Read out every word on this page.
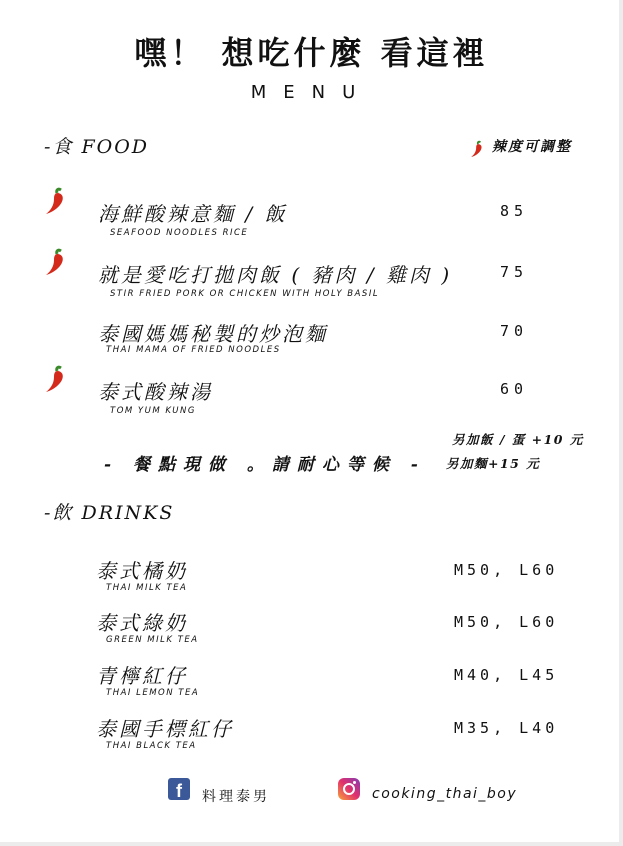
嘿！ 想吃什麼 看這裡
MENU
-食 FOOD	辣度可調整
海鮮酸辣意麵 / 飯
SEAFOOD NOODLES RICE
85
就是愛吃打拋肉飯 ( 豬肉 / 雞肉 )
STIR FRIED PORK OR CHICKEN WITH HOLY BASIL
75
泰國媽媽秘製的炒泡麵
THAI MAMA OF FRIED NOODLES
70
泰式酸辣湯
TOM YUM KUNG
60
- 餐點現做 。請耐心等候 -
另加飯 / 蛋 +10 元
另加麵+15 元
-飲 DRINKS
泰式橘奶
THAI MILK TEA
M50, L60
泰式綠奶
GREEN MILK TEA
M50, L60
青檸紅仔
THAI LEMON TEA
M40, L45
泰國手標紅仔
THAI BLACK TEA
M35, L40
f	料理泰男	cooking_thai_boy
